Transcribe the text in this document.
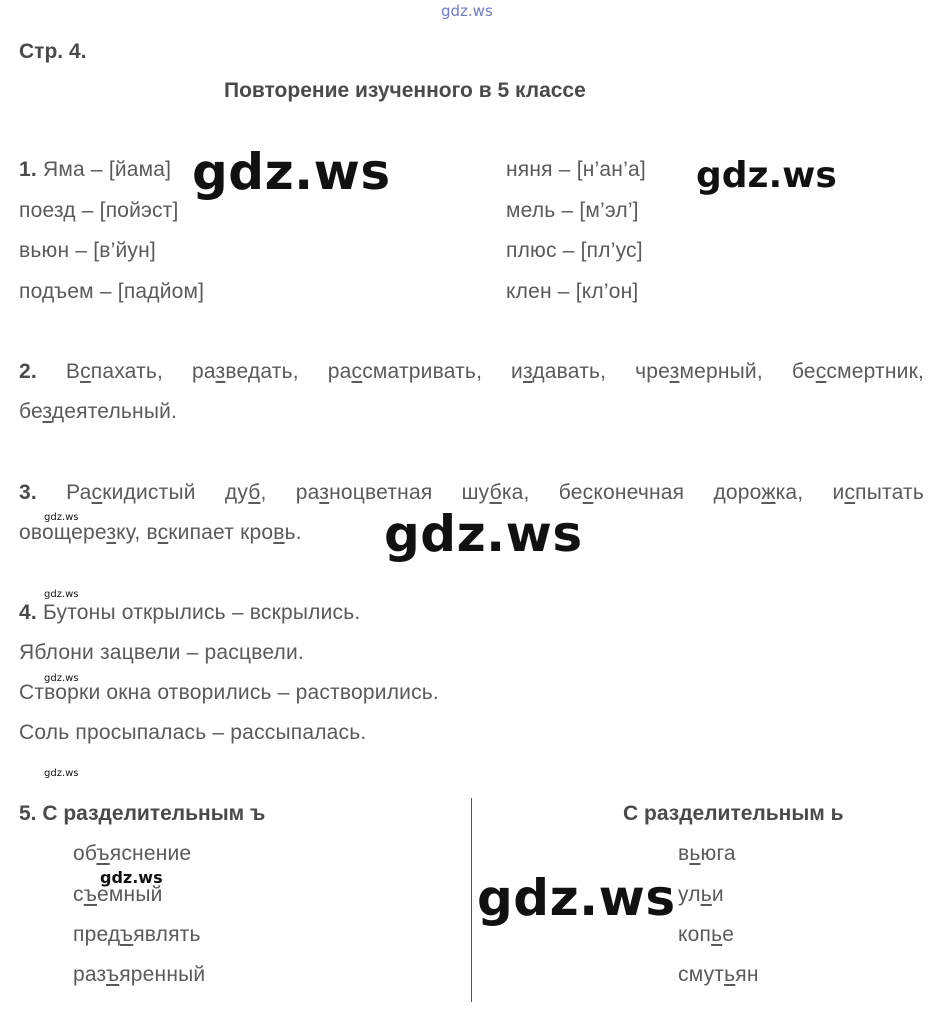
gdz.ws
Стр. 4.
Повторение изученного в 5 классе
1. Яма – [йама]
поезд – [пойэст]
вьюн – [в’йун]
подъем – [падйом]
няня – [н’ан’а]
мель – [м’эл’]
плюс – [пл’ус]
клен – [кл’он]
2. Вспахать, разведать, рассматривать, издавать, чрезмерный, бессмертник,
бездеятельный.
3. Раскидистый дуб, разноцветная шубка, бесконечная дорожка, испытать
овощерезку, вскипает кровь.
4. Бутоны открылись – вскрылись.
Яблони зацвели – расцвели.
Створки окна отворились – растворились.
Соль просыпалась – рассыпалась.
5. С разделительным ъ	С разделительным ь
объяснение
съемный
предъявлять
разъяренный
вьюга
ульи
копье
смутьян
gdz.ws	gdz.ws
gdz.ws
gdz.ws
gdz.ws
gdz.ws
gdz.ws
gdz.ws
gdz.ws
